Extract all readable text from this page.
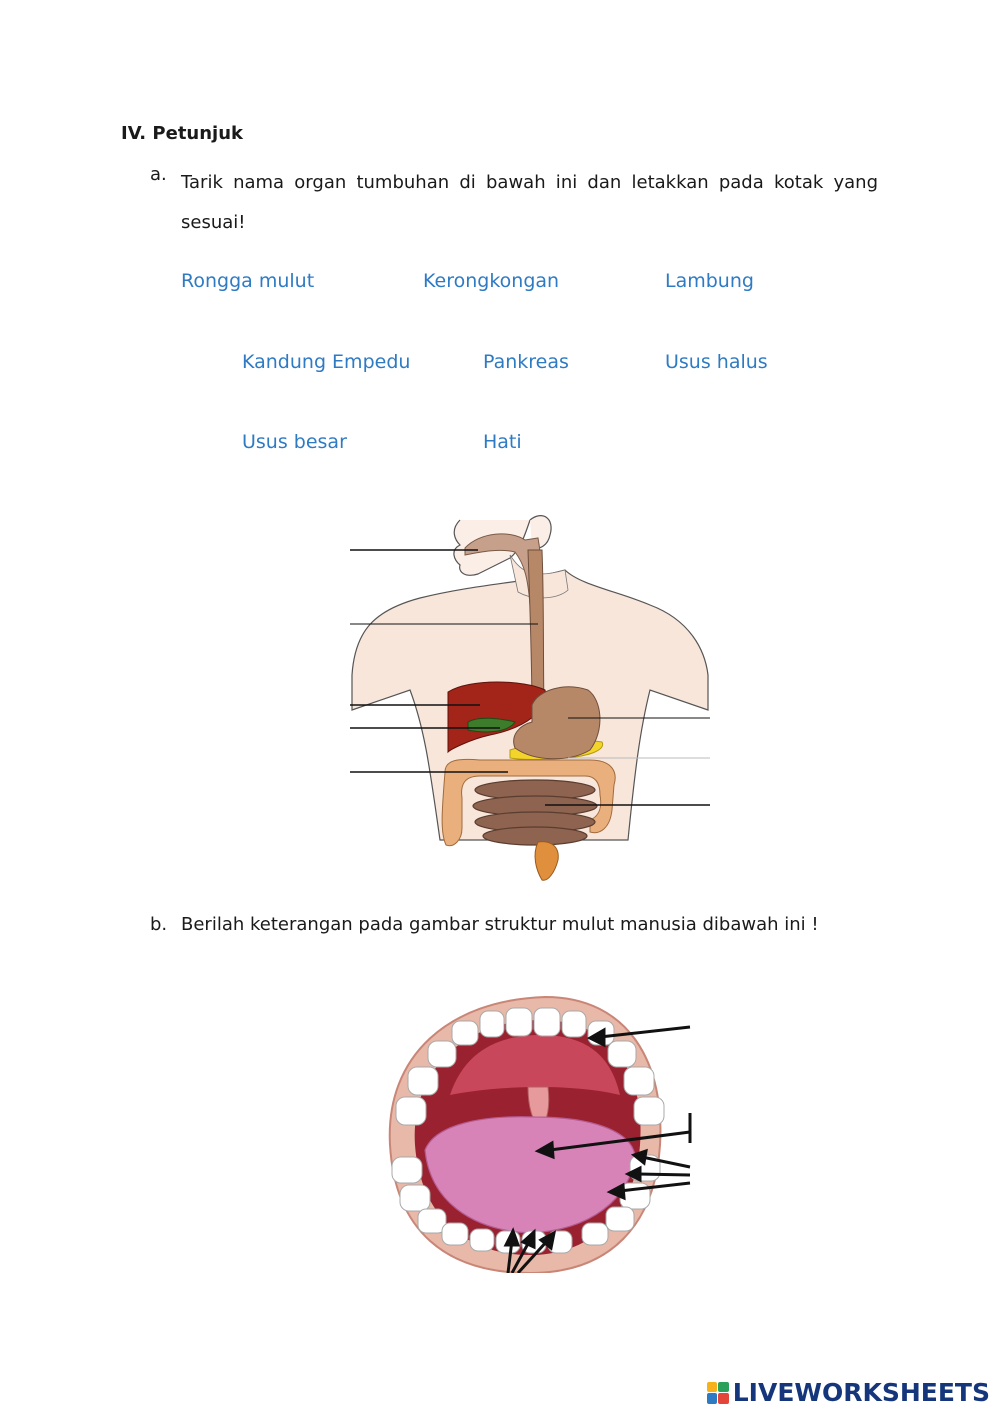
IV. Petunjuk
a. Tarik nama organ tumbuhan di bawah ini dan letakkan pada kotak yang sesuai!
Rongga mulut	Kerongkongan	Lambung
Kandung Empedu	Pankreas	Usus halus
Usus besar	Hati
b. Berilah keterangan pada gambar struktur mulut manusia dibawah ini !
LIVEWORKSHEETS
